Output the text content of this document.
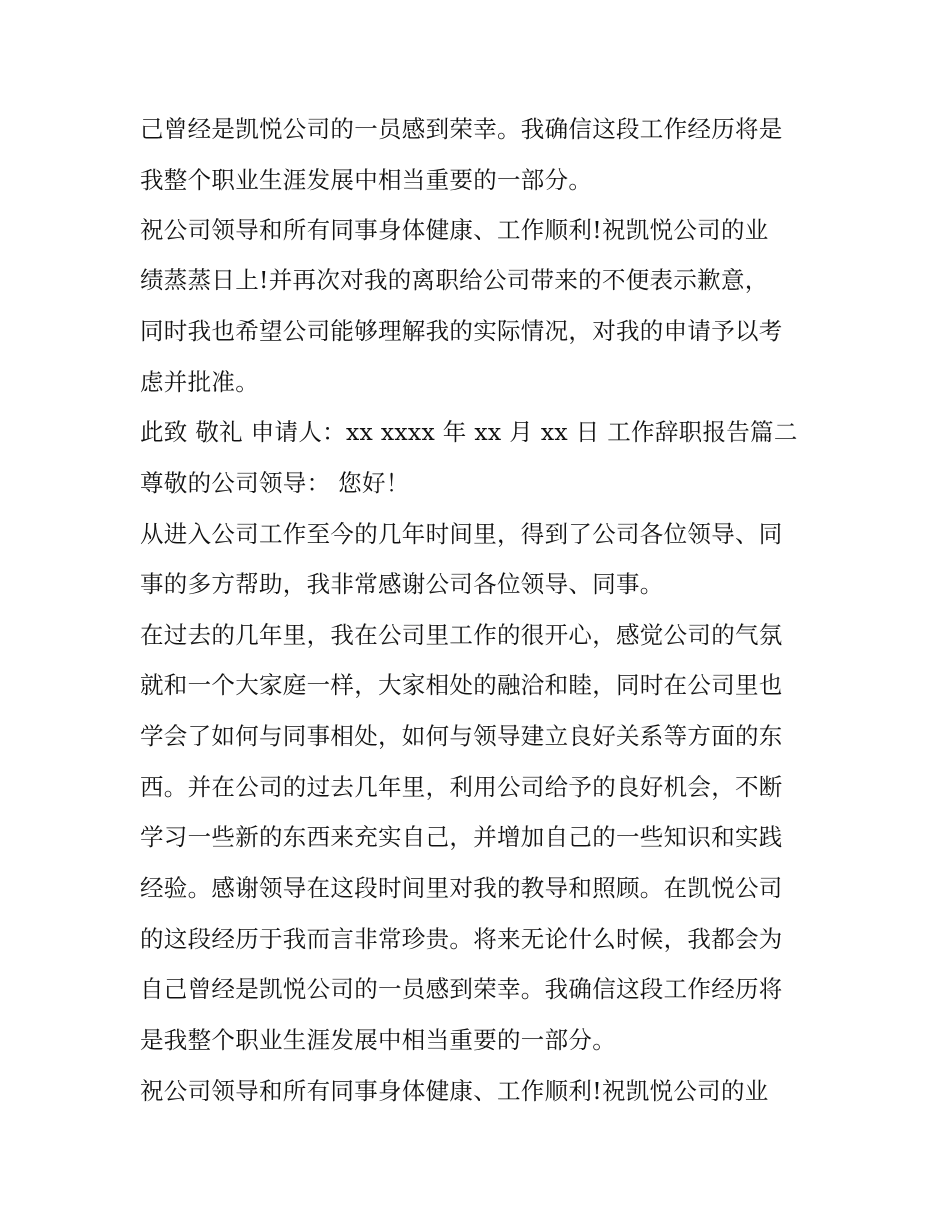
己曾经是凯悦公司的一员感到荣幸。我确信这段工作经历将是
我整个职业生涯发展中相当重要的一部分。
祝公司领导和所有同事身体健康、工作顺利!祝凯悦公司的业
绩蒸蒸日上!并再次对我的离职给公司带来的不便表示歉意，
同时我也希望公司能够理解我的实际情况，对我的申请予以考
虑并批准。
此致 敬礼 申请人：xx xxxx 年 xx 月 xx 日 工作辞职报告篇二
尊敬的公司领导： 您好！
从进入公司工作至今的几年时间里，得到了公司各位领导、同
事的多方帮助，我非常感谢公司各位领导、同事。
在过去的几年里，我在公司里工作的很开心，感觉公司的气氛
就和一个大家庭一样，大家相处的融洽和睦，同时在公司里也
学会了如何与同事相处，如何与领导建立良好关系等方面的东
西。并在公司的过去几年里，利用公司给予的良好机会，不断
学习一些新的东西来充实自己，并增加自己的一些知识和实践
经验。感谢领导在这段时间里对我的教导和照顾。在凯悦公司
的这段经历于我而言非常珍贵。将来无论什么时候，我都会为
自己曾经是凯悦公司的一员感到荣幸。我确信这段工作经历将
是我整个职业生涯发展中相当重要的一部分。
祝公司领导和所有同事身体健康、工作顺利!祝凯悦公司的业
